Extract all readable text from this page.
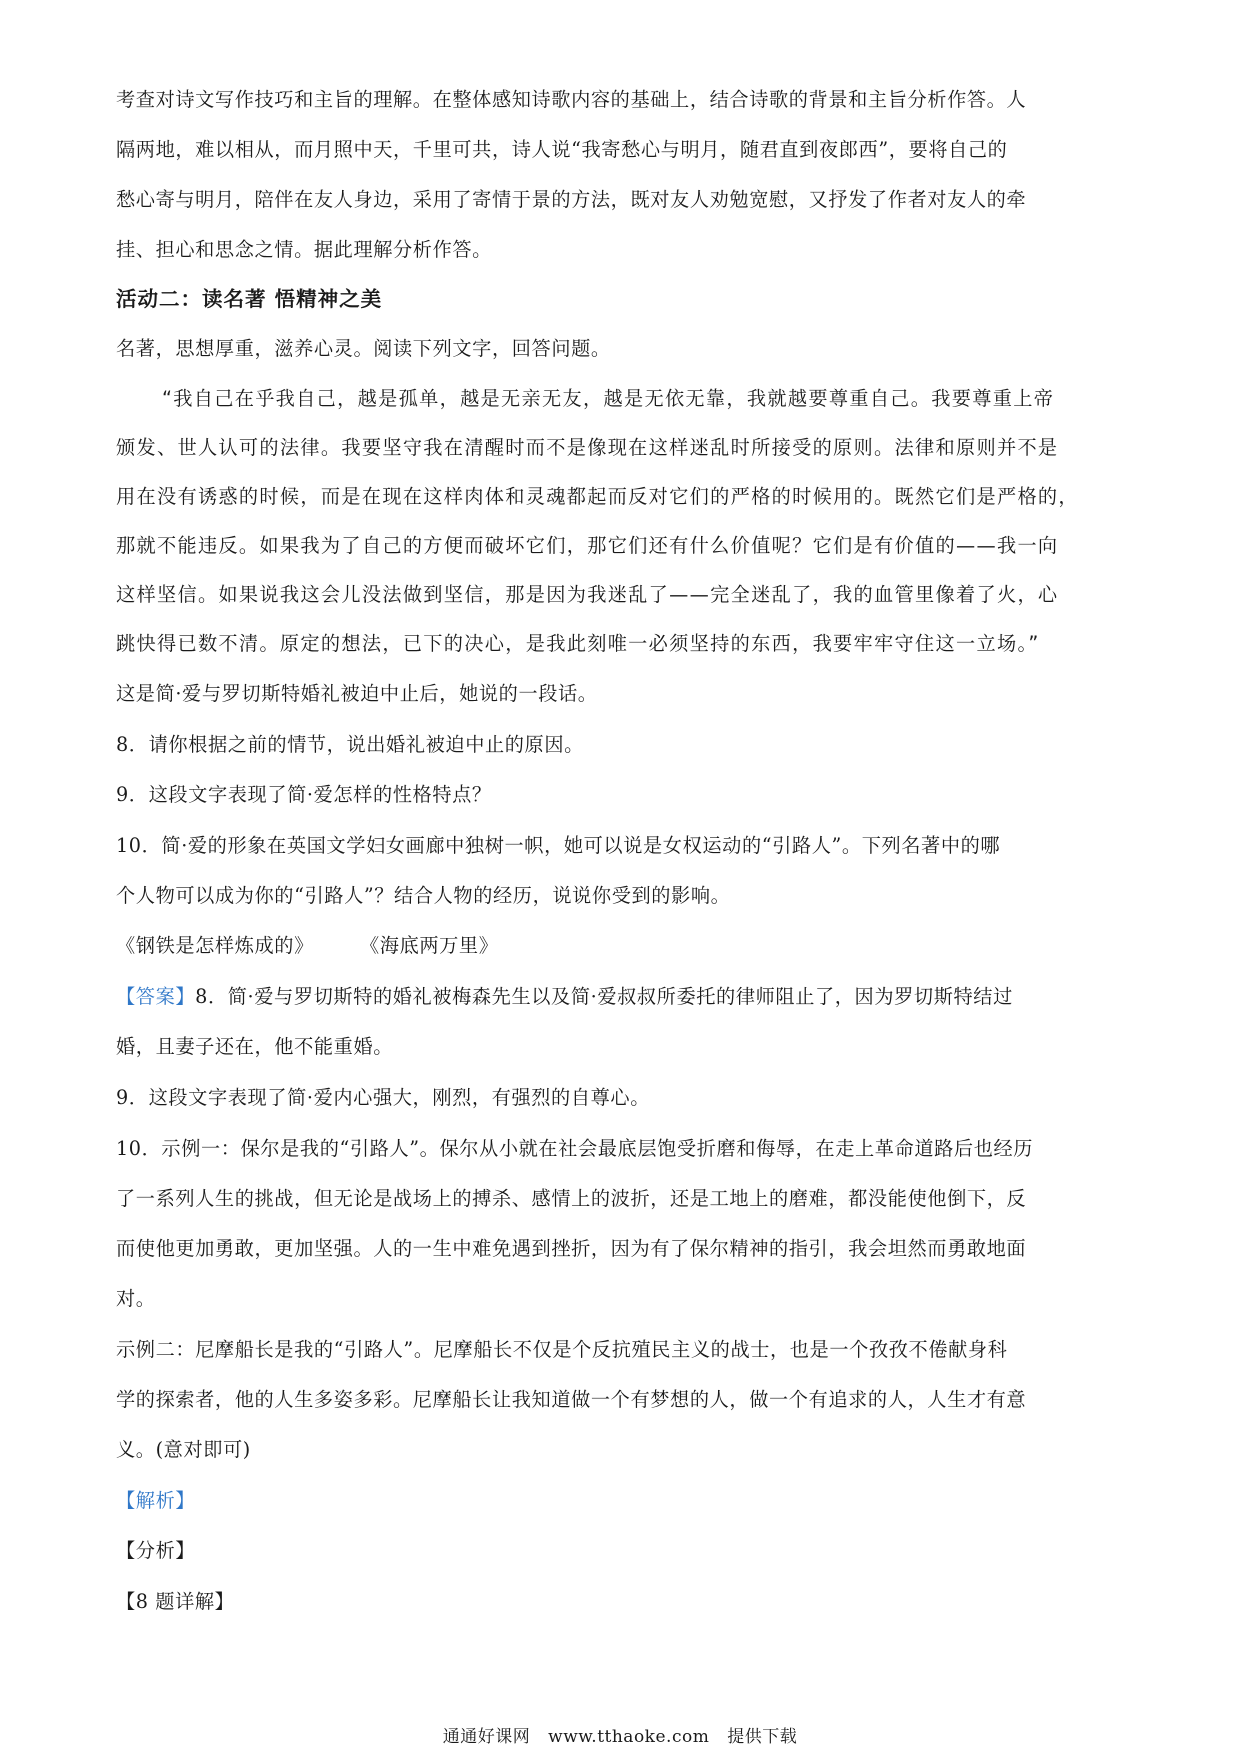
考查对诗文写作技巧和主旨的理解。在整体感知诗歌内容的基础上，结合诗歌的背景和主旨分析作答。人
隔两地，难以相从，而月照中天，千里可共，诗人说“我寄愁心与明月，随君直到夜郎西”，要将自己的
愁心寄与明月，陪伴在友人身边，采用了寄情于景的方法，既对友人劝勉宽慰，又抒发了作者对友人的牵
挂、担心和思念之情。据此理解分析作答。
活动二：读名著 悟精神之美
名著，思想厚重，滋养心灵。阅读下列文字，回答问题。
“我自己在乎我自己，越是孤单，越是无亲无友，越是无依无靠，我就越要尊重自己。我要尊重上帝
颁发、世人认可的法律。我要坚守我在清醒时而不是像现在这样迷乱时所接受的原则。法律和原则并不是
用在没有诱惑的时候，而是在现在这样肉体和灵魂都起而反对它们的严格的时候用的。既然它们是严格的，
那就不能违反。如果我为了自己的方便而破坏它们，那它们还有什么价值呢？它们是有价值的——我一向
这样坚信。如果说我这会儿没法做到坚信，那是因为我迷乱了——完全迷乱了，我的血管里像着了火，心
跳快得已数不清。原定的想法，已下的决心，是我此刻唯一必须坚持的东西，我要牢牢守住这一立场。”
这是简·爱与罗切斯特婚礼被迫中止后，她说的一段话。
8．请你根据之前的情节，说出婚礼被迫中止的原因。
9．这段文字表现了简·爱怎样的性格特点？
10．简·爱的形象在英国文学妇女画廊中独树一帜，她可以说是女权运动的“引路人”。下列名著中的哪
个人物可以成为你的“引路人”？结合人物的经历，说说你受到的影响。
《钢铁是怎样炼成的》	《海底两万里》
【答案】8．简·爱与罗切斯特的婚礼被梅森先生以及简·爱叔叔所委托的律师阻止了，因为罗切斯特结过
婚，且妻子还在，他不能重婚。
9．这段文字表现了简·爱内心强大，刚烈，有强烈的自尊心。
10．示例一：保尔是我的“引路人”。保尔从小就在社会最底层饱受折磨和侮辱，在走上革命道路后也经历
了一系列人生的挑战，但无论是战场上的搏杀、感情上的波折，还是工地上的磨难，都没能使他倒下，反
而使他更加勇敢，更加坚强。人的一生中难免遇到挫折，因为有了保尔精神的指引，我会坦然而勇敢地面
对。
示例二：尼摩船长是我的“引路人”。尼摩船长不仅是个反抗殖民主义的战士，也是一个孜孜不倦献身科
学的探索者，他的人生多姿多彩。尼摩船长让我知道做一个有梦想的人，做一个有追求的人，人生才有意
义。(意对即可)
【解析】
【分析】
【8 题详解】
通通好课网 www.tthaoke.com 提供下载
